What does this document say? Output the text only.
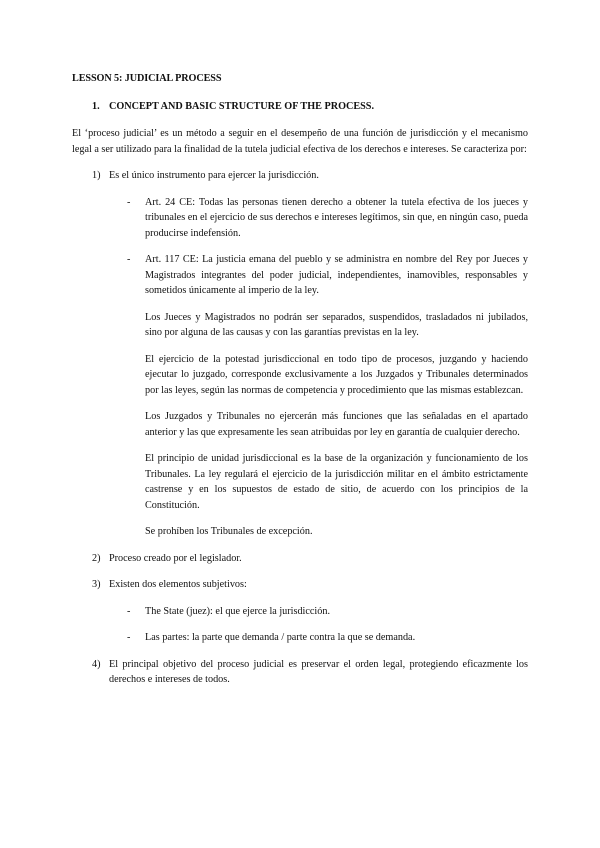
LESSON 5: JUDICIAL PROCESS
1. CONCEPT AND BASIC STRUCTURE OF THE PROCESS.
El ‘proceso judicial’ es un método a seguir en el desempeño de una función de jurisdicción y el mecanismo legal a ser utilizado para la finalidad de la tutela judicial efectiva de los derechos e intereses. Se caracteriza por:
1) Es el único instrumento para ejercer la jurisdicción.
-	Art. 24 CE: Todas las personas tienen derecho a obtener la tutela efectiva de los jueces y tribunales en el ejercicio de sus derechos e intereses legítimos, sin que, en ningún caso, pueda producirse indefensión.
-	Art. 117 CE: La justicia emana del pueblo y se administra en nombre del Rey por Jueces y Magistrados integrantes del poder judicial, independientes, inamovibles, responsables y sometidos únicamente al imperio de la ley.
Los Jueces y Magistrados no podrán ser separados, suspendidos, trasladados ni jubilados, sino por alguna de las causas y con las garantías previstas en la ley.
El ejercicio de la potestad jurisdiccional en todo tipo de procesos, juzgando y haciendo ejecutar lo juzgado, corresponde exclusivamente a los Juzgados y Tribunales determinados por las leyes, según las normas de competencia y procedimiento que las mismas establezcan.
Los Juzgados y Tribunales no ejercerán más funciones que las señaladas en el apartado anterior y las que expresamente les sean atribuidas por ley en garantía de cualquier derecho.
El principio de unidad jurisdiccional es la base de la organización y funcionamiento de los Tribunales. La ley regulará el ejercicio de la jurisdicción militar en el ámbito estrictamente castrense y en los supuestos de estado de sitio, de acuerdo con los principios de la Constitución.
Se prohíben los Tribunales de excepción.
2) Proceso creado por el legislador.
3) Existen dos elementos subjetivos:
-	The State (juez): el que ejerce la jurisdicción.
-	Las partes: la parte que demanda / parte contra la que se demanda.
4) El principal objetivo del proceso judicial es preservar el orden legal, protegiendo eficazmente los derechos e intereses de todos.
